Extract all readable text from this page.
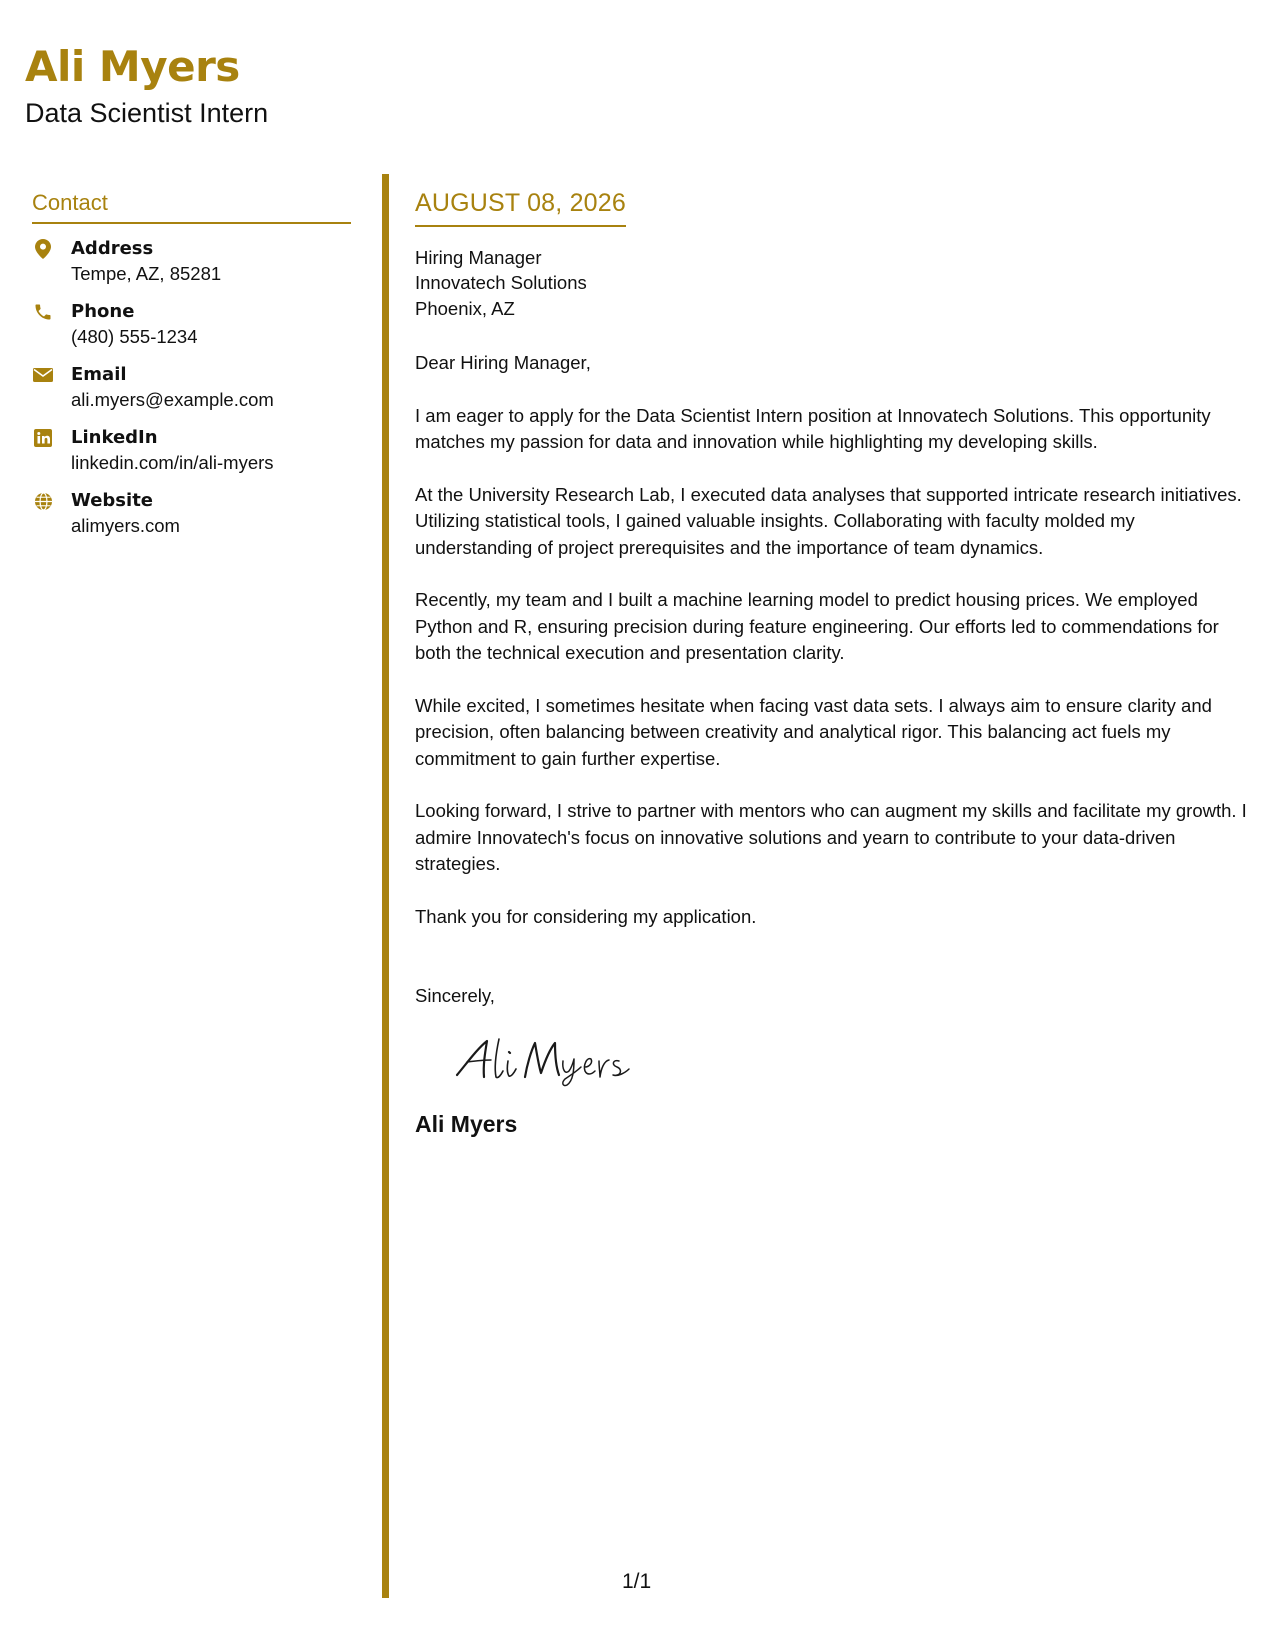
Ali Myers
Data Scientist Intern
Contact
Address
Tempe, AZ, 85281
Phone
(480) 555-1234
Email
ali.myers@example.com
LinkedIn
linkedin.com/in/ali-myers
Website
alimyers.com
AUGUST 08, 2026
Hiring Manager
Innovatech Solutions
Phoenix, AZ
Dear Hiring Manager,

I am eager to apply for the Data Scientist Intern position at Innovatech Solutions. This opportunity matches my passion for data and innovation while highlighting my developing skills.

At the University Research Lab, I executed data analyses that supported intricate research initiatives. Utilizing statistical tools, I gained valuable insights. Collaborating with faculty molded my understanding of project prerequisites and the importance of team dynamics.

Recently, my team and I built a machine learning model to predict housing prices. We employed Python and R, ensuring precision during feature engineering. Our efforts led to commendations for both the technical execution and presentation clarity.

While excited, I sometimes hesitate when facing vast data sets. I always aim to ensure clarity and precision, often balancing between creativity and analytical rigor. This balancing act fuels my commitment to gain further expertise.

Looking forward, I strive to partner with mentors who can augment my skills and facilitate my growth. I admire Innovatech's focus on innovative solutions and yearn to contribute to your data-driven strategies.

Thank you for considering my application.
Sincerely,
Ali Myers
1/1
